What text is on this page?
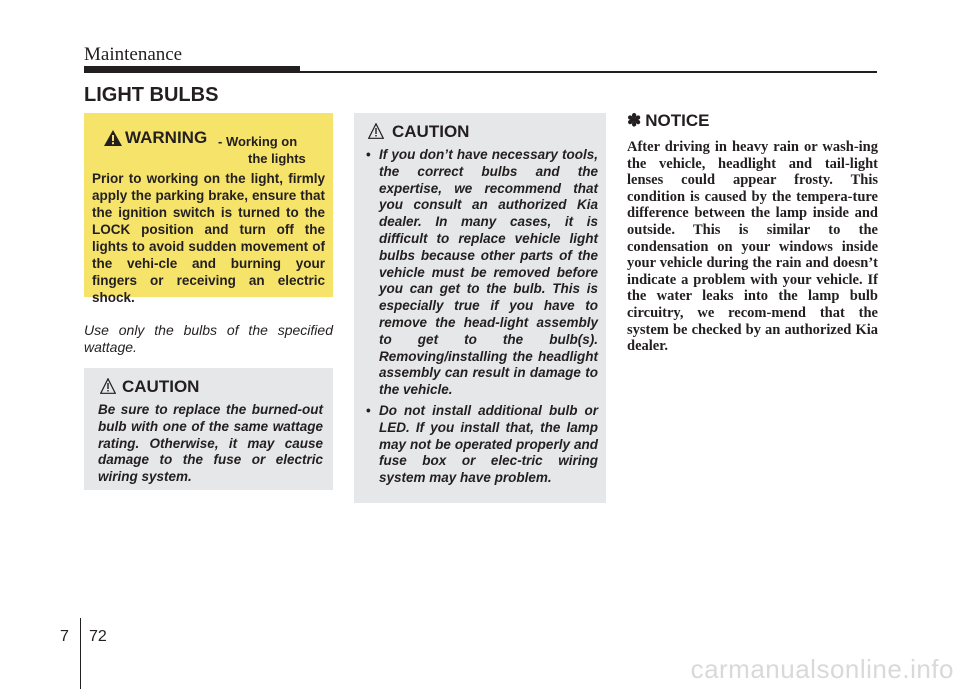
Maintenance
LIGHT BULBS
WARNING - Working on
the lights
Prior to working on the light, firmly apply the parking brake, ensure that the ignition switch is turned to the LOCK position and turn off the lights to avoid sudden movement of the vehi-cle and burning your fingers or receiving an electric shock.
Use only the bulbs of the specified wattage.
CAUTION
Be sure to replace the burned-out bulb with one of the same wattage rating. Otherwise, it may cause damage to the fuse or electric wiring system.
CAUTION
• If you don’t have necessary tools, the correct bulbs and the expertise, we recommend that you consult an authorized Kia dealer. In many cases, it is difficult to replace vehicle light bulbs because other parts of the vehicle must be removed before you can get to the bulb. This is especially true if you have to remove the head-light assembly to get to the bulb(s). Removing/installing the headlight assembly can result in damage to the vehicle.
• Do not install additional bulb or LED. If you install that, the lamp may not be operated properly and fuse box or elec-tric wiring system may have problem.
✽ NOTICE
After driving in heavy rain or wash-ing the vehicle, headlight and tail-light lenses could appear frosty. This condition is caused by the tempera-ture difference between the lamp inside and outside. This is similar to the condensation on your windows inside your vehicle during the rain and doesn’t indicate a problem with your vehicle. If the water leaks into the lamp bulb circuitry, we recom-mend that the system be checked by an authorized Kia dealer.
7 72
carmanualsonline.info
